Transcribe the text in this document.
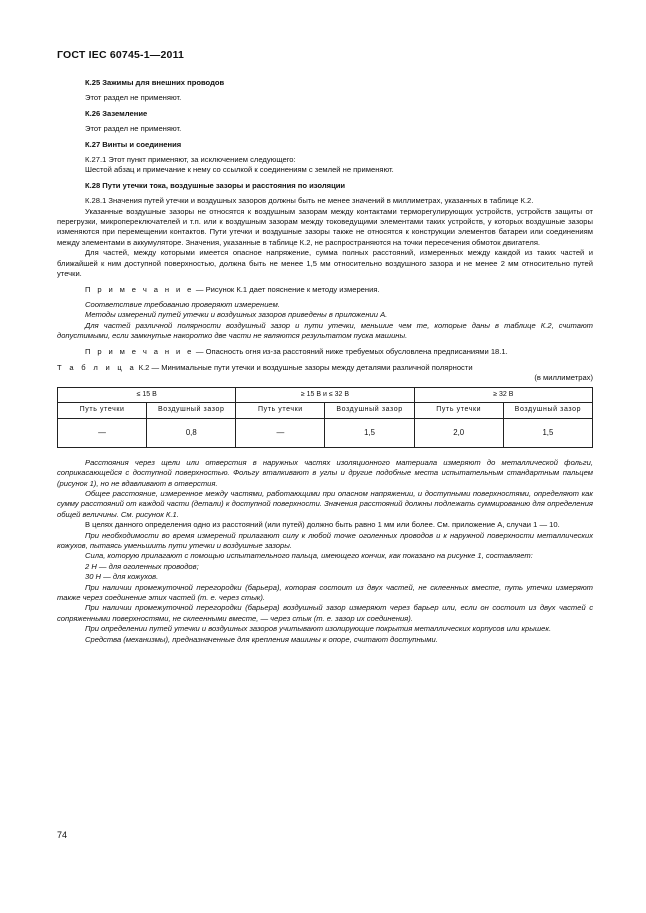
ГОСТ IEC 60745-1—2011

К.25 Зажимы для внешних проводов

Этот раздел не применяют.

К.26 Заземление

Этот раздел не применяют.

К.27 Винты и соединения

К.27.1 Этот пункт применяют, за исключением следующего:

Шестой абзац и примечание к нему со ссылкой к соединениям с землей не применяют.

К.28 Пути утечки тока, воздушные зазоры и расстояния по изоляции

К.28.1 Значения путей утечки и воздушных зазоров должны быть не менее значений в миллиметрах, указанных в таблице К.2.

Указанные воздушные зазоры не относятся к воздушным зазорам между контактами терморегулирующих устройств, устройств защиты от перегрузки, микропереключателей и т.п. или к воздушным зазорам между токоведущими элементами таких устройств, у которых воздушные зазоры изменяются при перемещении контактов. Пути утечки и воздушные зазоры также не относятся к конструкции элементов батареи или соединениям между элементами в аккумуляторе. Значения, указанные в таблице К.2, не распространяются на точки пересечения обмоток двигателя.

Для частей, между которыми имеется опасное напряжение, сумма полных расстояний, измеренных между каждой из таких частей и ближайшей к ним доступной поверхностью, должна быть не менее 1,5 мм относительно воздушного зазора и не менее 2 мм относительно путей утечки.

П р и м е ч а н и е — Рисунок К.1 дает пояснение к методу измерения.

Соответствие требованию проверяют измерением.

Методы измерений путей утечки и воздушных зазоров приведены в приложении А.

Для частей различной полярности воздушный зазор и пути утечки, меньшие чем те, которые даны в таблице К.2, считают допустимыми, если замкнутые накоротко две части не являются результатом пуска машины.

П р и м е ч а н и е — Опасность огня из-за расстояний ниже требуемых обусловлена предписаниями 18.1.

Т а б л и ц а К.2 — Минимальные пути утечки и воздушные зазоры между деталями различной полярности

(в миллиметрах)

≤ 15 В		≥ 15 В и ≤ 32 В		≥ 32 В	
Путь утечки	Воздушный зазор	Путь утечки	Воздушный зазор	Путь утечки	Воздушный зазор
—	0,8	—	1,5	2,0	1,5

Расстояния через щели или отверстия в наружных частях изоляционного материала измеряют до металлической фольги, соприкасающейся с доступной поверхностью. Фольгу вталкивают в углы и другие подобные места испытательным стандартным пальцем (рисунок 1), но не вдавливают в отверстия.

Общее расстояние, измеренное между частями, работающими при опасном напряжении, и доступными поверхностями, определяют как сумму расстояний от каждой части (детали) к доступной поверхности. Значения расстояний должны подлежать суммированию для определения общей величины. См. рисунок К.1.

В целях данного определения одно из расстояний (или путей) должно быть равно 1 мм или более. См. приложение А, случаи 1 — 10.

При необходимости во время измерений прилагают силу к любой точке оголенных проводов и к наружной поверхности металлических кожухов, пытаясь уменьшить пути утечки и воздушные зазоры.

Сила, которую прилагают с помощью испытательного пальца, имеющего кончик, как показано на рисунке 1, составляет:

2 Н — для оголенных проводов;

30 Н — для кожухов.

При наличии промежуточной перегородки (барьера), которая состоит из двух частей, не склеенных вместе, путь утечки измеряют также через соединение этих частей (т. е. через стык).

При наличии промежуточной перегородки (барьера) воздушный зазор измеряют через барьер или, если он состоит из двух частей с сопряженными поверхностями, не склеенными вместе, — через стык (т. е. зазор их соединения).

При определении путей утечки и воздушных зазоров учитывают изолирующие покрытия металлических корпусов или крышек.

Средства (механизмы), предназначенные для крепления машины к опоре, считают доступными.

74
